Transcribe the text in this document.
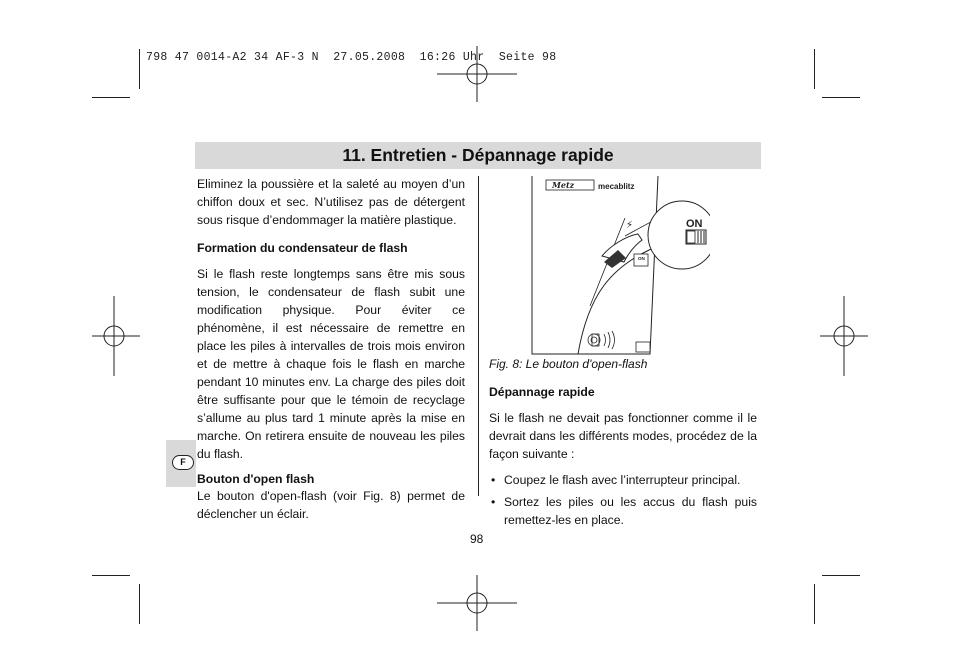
798 47 0014-A2 34 AF-3 N  27.05.2008  16:26 Uhr  Seite 98
11. Entretien - Dépannage rapide
F

Eliminez la poussière et la saleté au moyen d’un chiffon doux et sec. N’utilisez pas de détergent sous risque d’endommager la matière plastique.

Formation du condensateur de flash

Si le flash reste longtemps sans être mis sous tension, le condensateur de flash subit une modification physique. Pour éviter ce phénomène, il est nécessaire de remettre en place les piles à intervalles de trois mois environ et de mettre à chaque fois le flash en marche pendant 10 minutes env. La charge des piles doit être suffisante pour que le témoin de recyclage s’allume au plus tard 1 minute après la mise en marche. On retirera ensuite de nouveau les piles du flash.

Bouton d'open flash

Le bouton d'open-flash (voir Fig. 8) permet de déclencher un éclair.

Metz	mecablitz
⚡
ON
ON
Fig. 8: Le bouton d'open-flash

Dépannage rapide

Si le flash ne devait pas fonctionner comme il le devrait dans les différents modes, procédez de la façon suivante :

• Coupez le flash avec l’interrupteur principal.
• Sortez les piles ou les accus du flash puis remettez-les en place.
98
